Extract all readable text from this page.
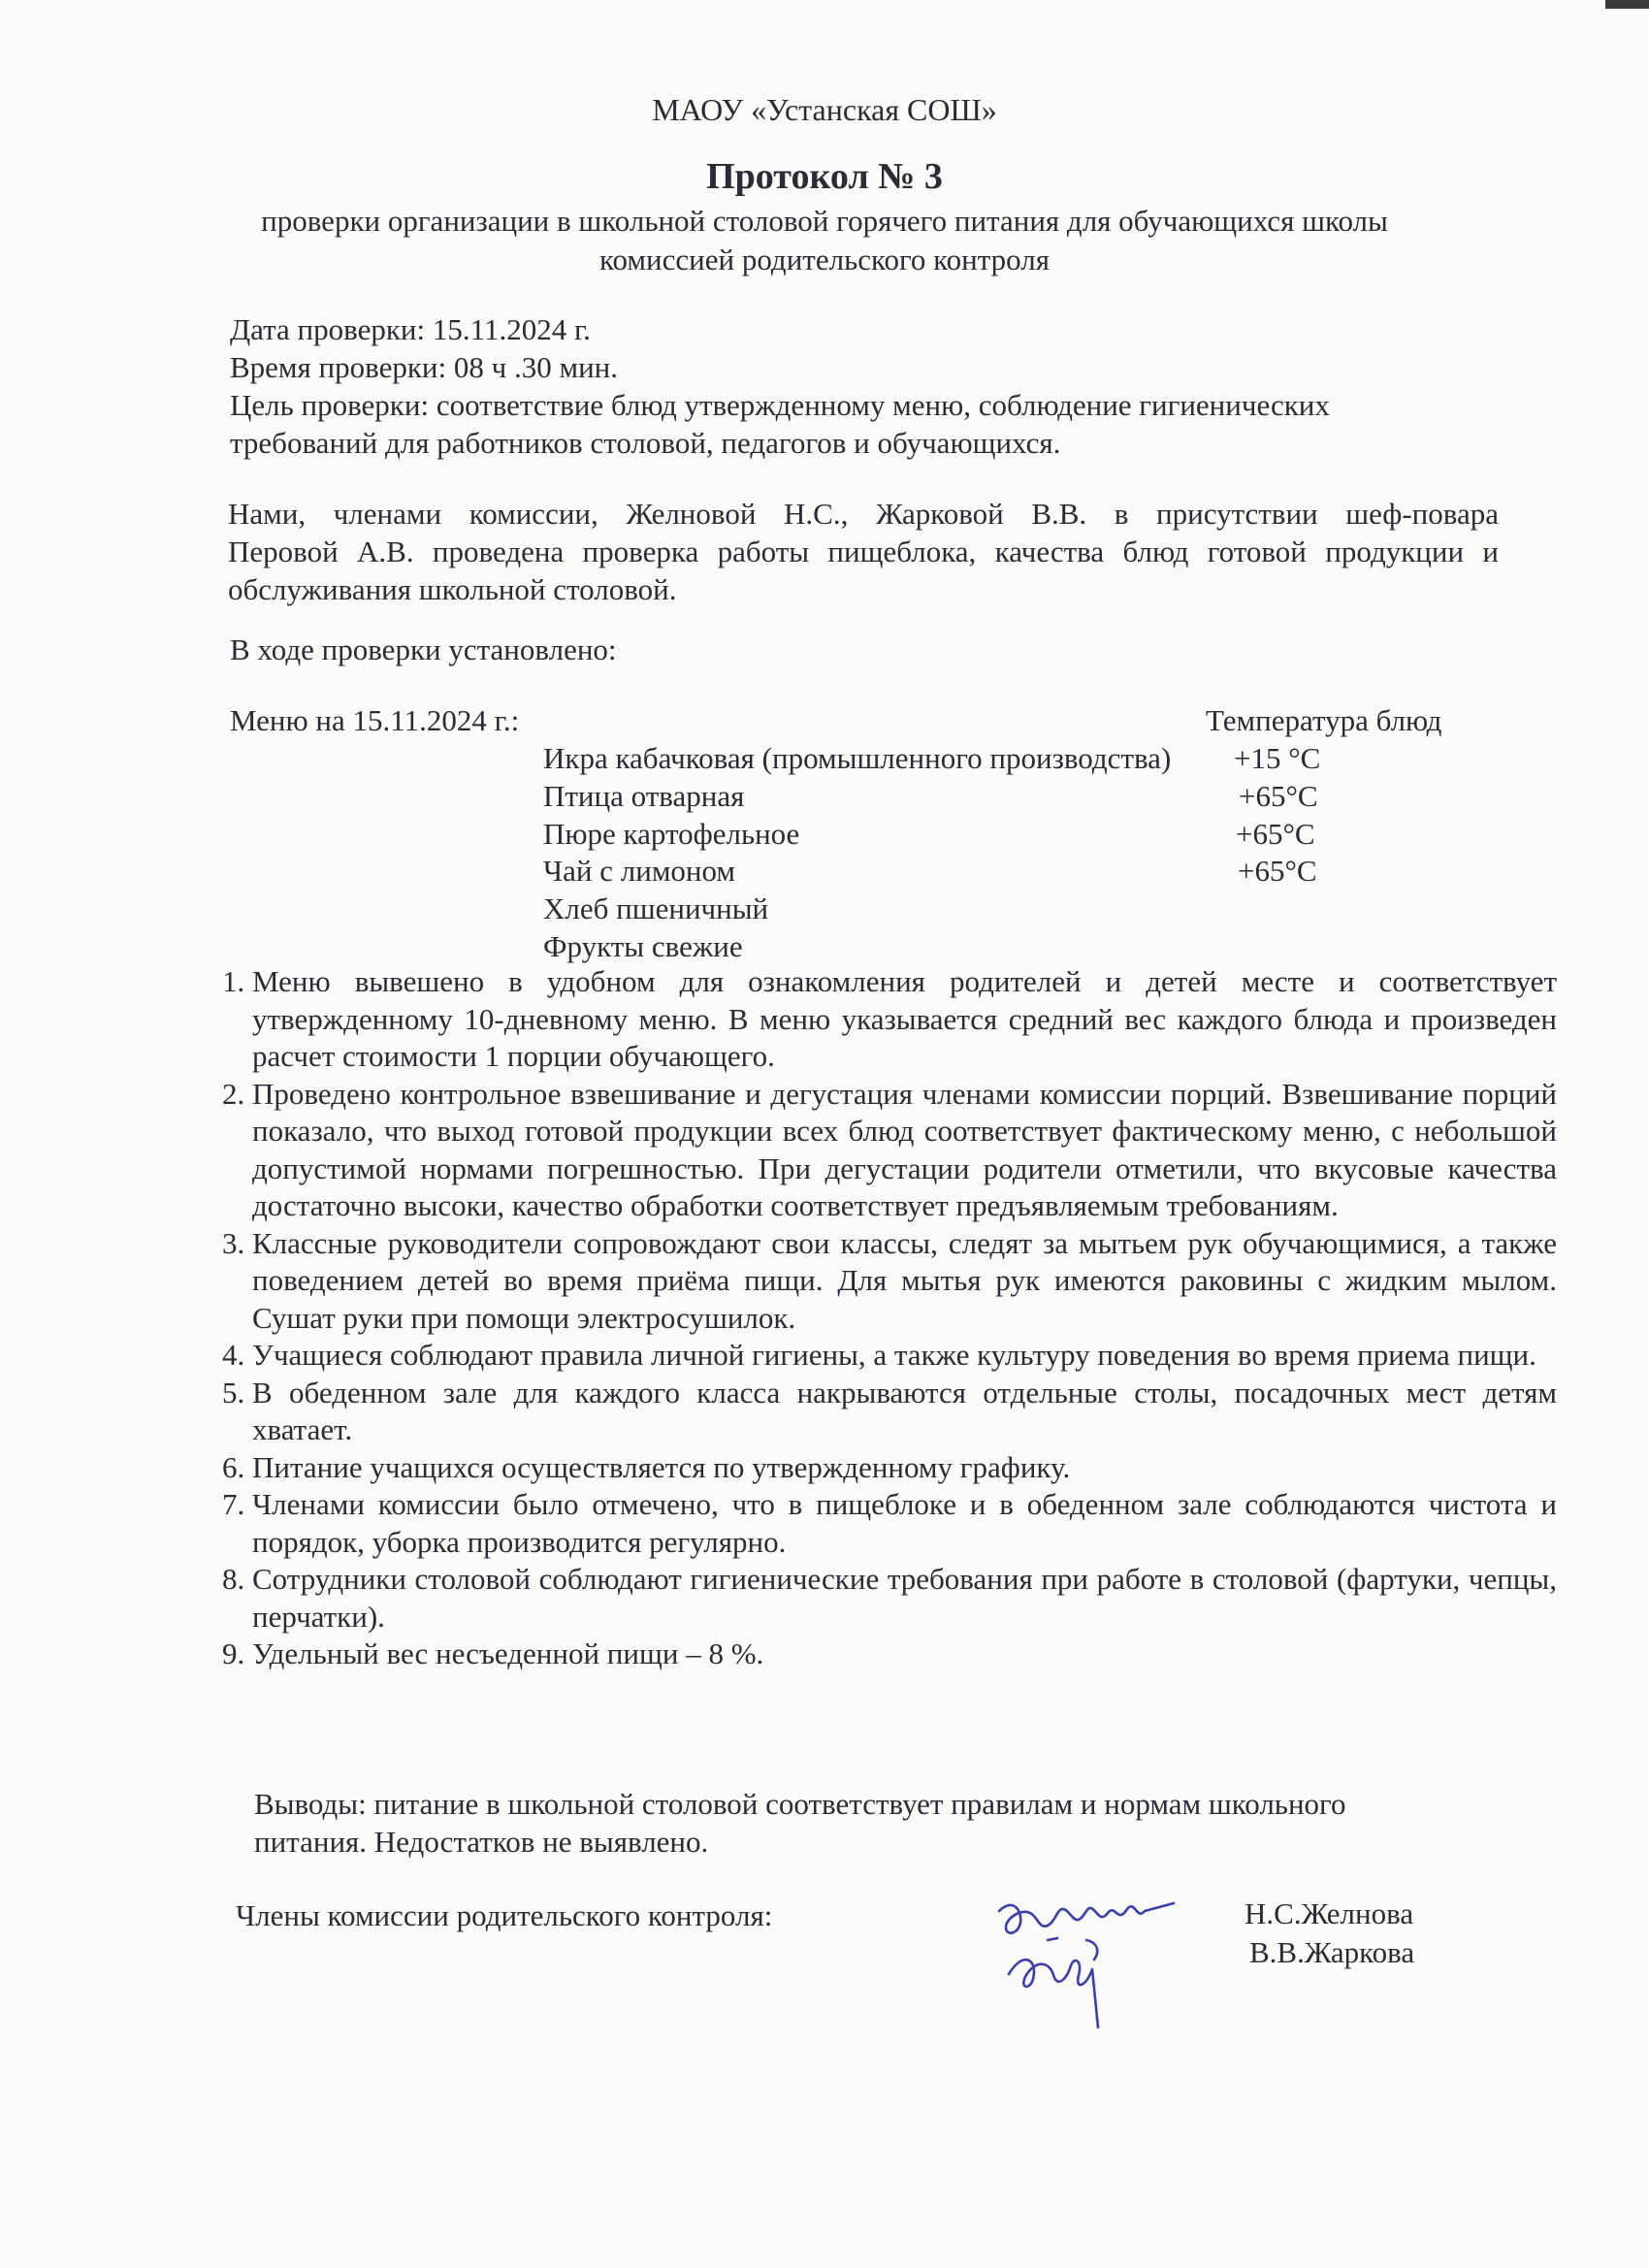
МАОУ «Устанская СОШ»
Протокол № 3
проверки организации в школьной столовой горячего питания для обучающихся школы
комиссией родительского контроля
Дата проверки: 15.11.2024 г.
Время проверки: 08 ч .30 мин.
Цель проверки: соответствие блюд утвержденному меню, соблюдение гигиенических
требований для работников столовой, педагогов и обучающихся.
Нами, членами комиссии, Желновой Н.С., Жарковой В.В. в присутствии шеф-повара
Перовой А.В. проведена проверка работы пищеблока, качества блюд готовой продукции и
обслуживания школьной столовой.
В ходе проверки установлено:
Меню на 15.11.2024 г.:	Температура блюд
Икра кабачковая (промышленного производства) +15 °С
Птица отварная	+65°С
Пюре картофельное	+65°С
Чай с лимоном	+65°С
Хлеб пшеничный
Фрукты свежие
1. Меню вывешено в удобном для ознакомления родителей и детей месте и соответствует утвержденному 10-дневному меню. В меню указывается средний вес каждого блюда и произведен расчет стоимости 1 порции обучающего.
2. Проведено контрольное взвешивание и дегустация членами комиссии порций. Взвешивание порций показало, что выход готовой продукции всех блюд соответствует фактическому меню, с небольшой допустимой нормами погрешностью. При дегустации родители отметили, что вкусовые качества достаточно высоки, качество обработки соответствует предъявляемым требованиям.
3. Классные руководители сопровождают свои классы, следят за мытьем рук обучающимися, а также поведением детей во время приёма пищи. Для мытья рук имеются раковины с жидким мылом. Сушат руки при помощи электросушилок.
4. Учащиеся соблюдают правила личной гигиены, а также культуру поведения во время приема пищи.
5. В обеденном зале для каждого класса накрываются отдельные столы, посадочных мест детям хватает.
6. Питание учащихся осуществляется по утвержденному графику.
7. Членами комиссии было отмечено, что в пищеблоке и в обеденном зале соблюдаются чистота и порядок, уборка производится регулярно.
8. Сотрудники столовой соблюдают гигиенические требования при работе в столовой (фартуки, чепцы, перчатки).
9. Удельный вес несъеденной пищи – 8 %.
Выводы: питание в школьной столовой соответствует правилам и нормам школьного
питания. Недостатков не выявлено.
Члены комиссии родительского контроля:	Н.С.Желнова
В.В.Жаркова
